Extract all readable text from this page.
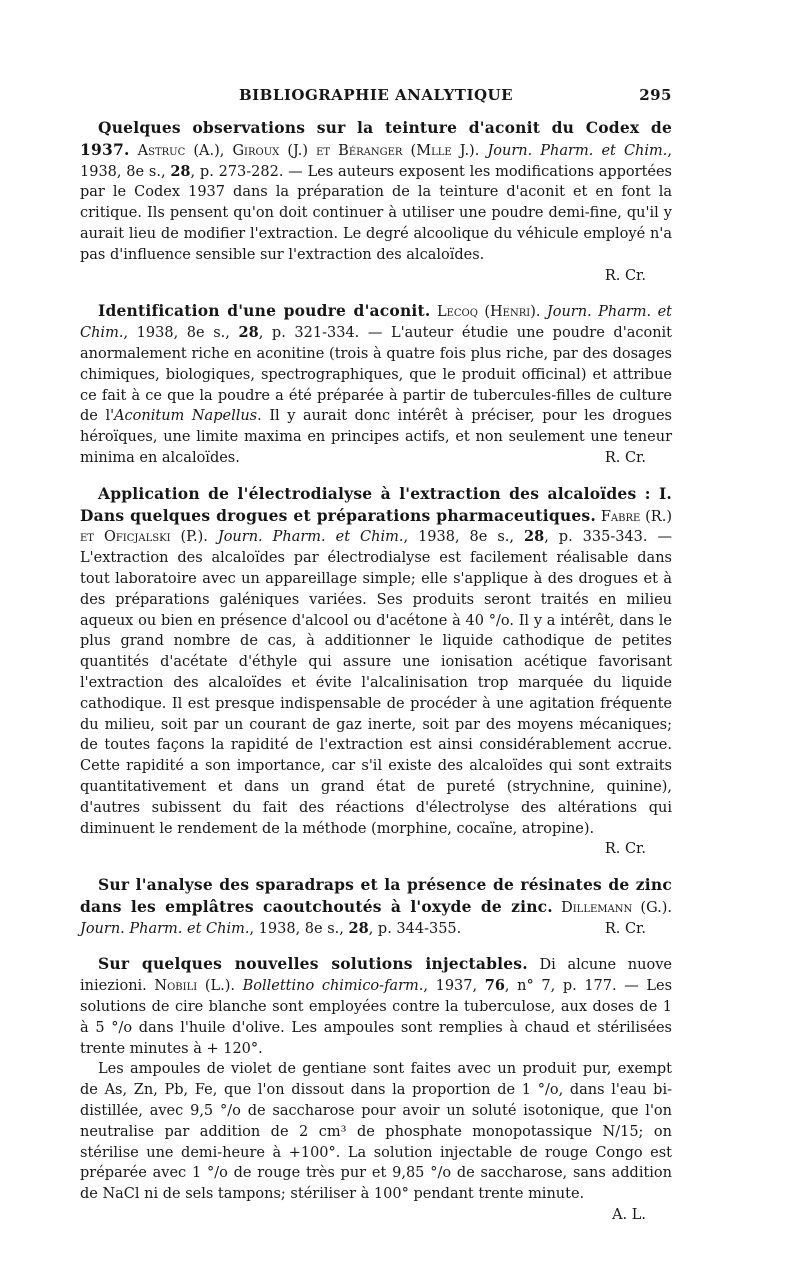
BIBLIOGRAPHIE ANALYTIQUE	295

Quelques observations sur la teinture d'aconit du Codex de 1937. Astruc (A.), Giroux (J.) et Béranger (Mlle J.). Journ. Pharm. et Chim., 1938, 8e s., 28, p. 273-282. — Les auteurs exposent les modifications apportées par le Codex 1937 dans la préparation de la teinture d'aconit et en font la critique. Ils pensent qu'on doit continuer à utiliser une poudre demi-fine, qu'il y aurait lieu de modifier l'extraction. Le degré alcoolique du véhicule employé n'a pas d'influence sensible sur l'extraction des alcaloïdes.

R. Cr.

Identification d'une poudre d'aconit. Lecoq (Henri). Journ. Pharm. et Chim., 1938, 8e s., 28, p. 321-334. — L'auteur étudie une poudre d'aconit anormalement riche en aconitine (trois à quatre fois plus riche, par des dosages chimiques, biologiques, spectrographiques, que le produit officinal) et attribue ce fait à ce que la poudre a été préparée à partir de tubercules-filles de culture de l'Aconitum Napellus. Il y aurait donc intérêt à préciser, pour les drogues héroïques, une limite maxima en principes actifs, et non seulement une teneur minima en alcaloïdes.	R. Cr.

Application de l'électrodialyse à l'extraction des alcaloïdes : I. Dans quelques drogues et préparations pharmaceutiques. Fabre (R.) et Oficjalski (P.). Journ. Pharm. et Chim., 1938, 8e s., 28, p. 335-343. — L'extraction des alcaloïdes par électrodialyse est facilement réalisable dans tout laboratoire avec un appareillage simple; elle s'applique à des drogues et à des préparations galéniques variées. Ses produits seront traités en milieu aqueux ou bien en présence d'alcool ou d'acétone à 40 °/o. Il y a intérêt, dans le plus grand nombre de cas, à additionner le liquide cathodique de petites quantités d'acétate d'éthyle qui assure une ionisation acétique favorisant l'extraction des alcaloïdes et évite l'alcalinisation trop marquée du liquide cathodique. Il est presque indispensable de procéder à une agitation fréquente du milieu, soit par un courant de gaz inerte, soit par des moyens mécaniques; de toutes façons la rapidité de l'extraction est ainsi considérablement accrue. Cette rapidité a son importance, car s'il existe des alcaloïdes qui sont extraits quantitativement et dans un grand état de pureté (strychnine, quinine), d'autres subissent du fait des réactions d'électrolyse des altérations qui diminuent le rendement de la méthode (morphine, cocaïne, atropine).
R. Cr.

Sur l'analyse des sparadraps et la présence de résinates de zinc dans les emplâtres caoutchoutés à l'oxyde de zinc. Dillemann (G.). Journ. Pharm. et Chim., 1938, 8e s., 28, p. 344-355.	R. Cr.

Sur quelques nouvelles solutions injectables. Di alcune nuove iniezioni. Nobili (L.). Bollettino chimico-farm., 1937, 76, n° 7, p. 177. — Les solutions de cire blanche sont employées contre la tuberculose, aux doses de 1 à 5 °/o dans l'huile d'olive. Les ampoules sont remplies à chaud et stérilisées trente minutes à + 120°.

Les ampoules de violet de gentiane sont faites avec un produit pur, exempt de As, Zn, Pb, Fe, que l'on dissout dans la proportion de 1 °/o, dans l'eau bi-distillée, avec 9,5 °/o de saccharose pour avoir un soluté isotonique, que l'on neutralise par addition de 2 cm³ de phosphate monopotassique N/15; on stérilise une demi-heure à +100°. La solution injectable de rouge Congo est préparée avec 1 °/o de rouge très pur et 9,85 °/o de saccharose, sans addition de NaCl ni de sels tampons; stériliser à 100° pendant trente minute.

A. L.
